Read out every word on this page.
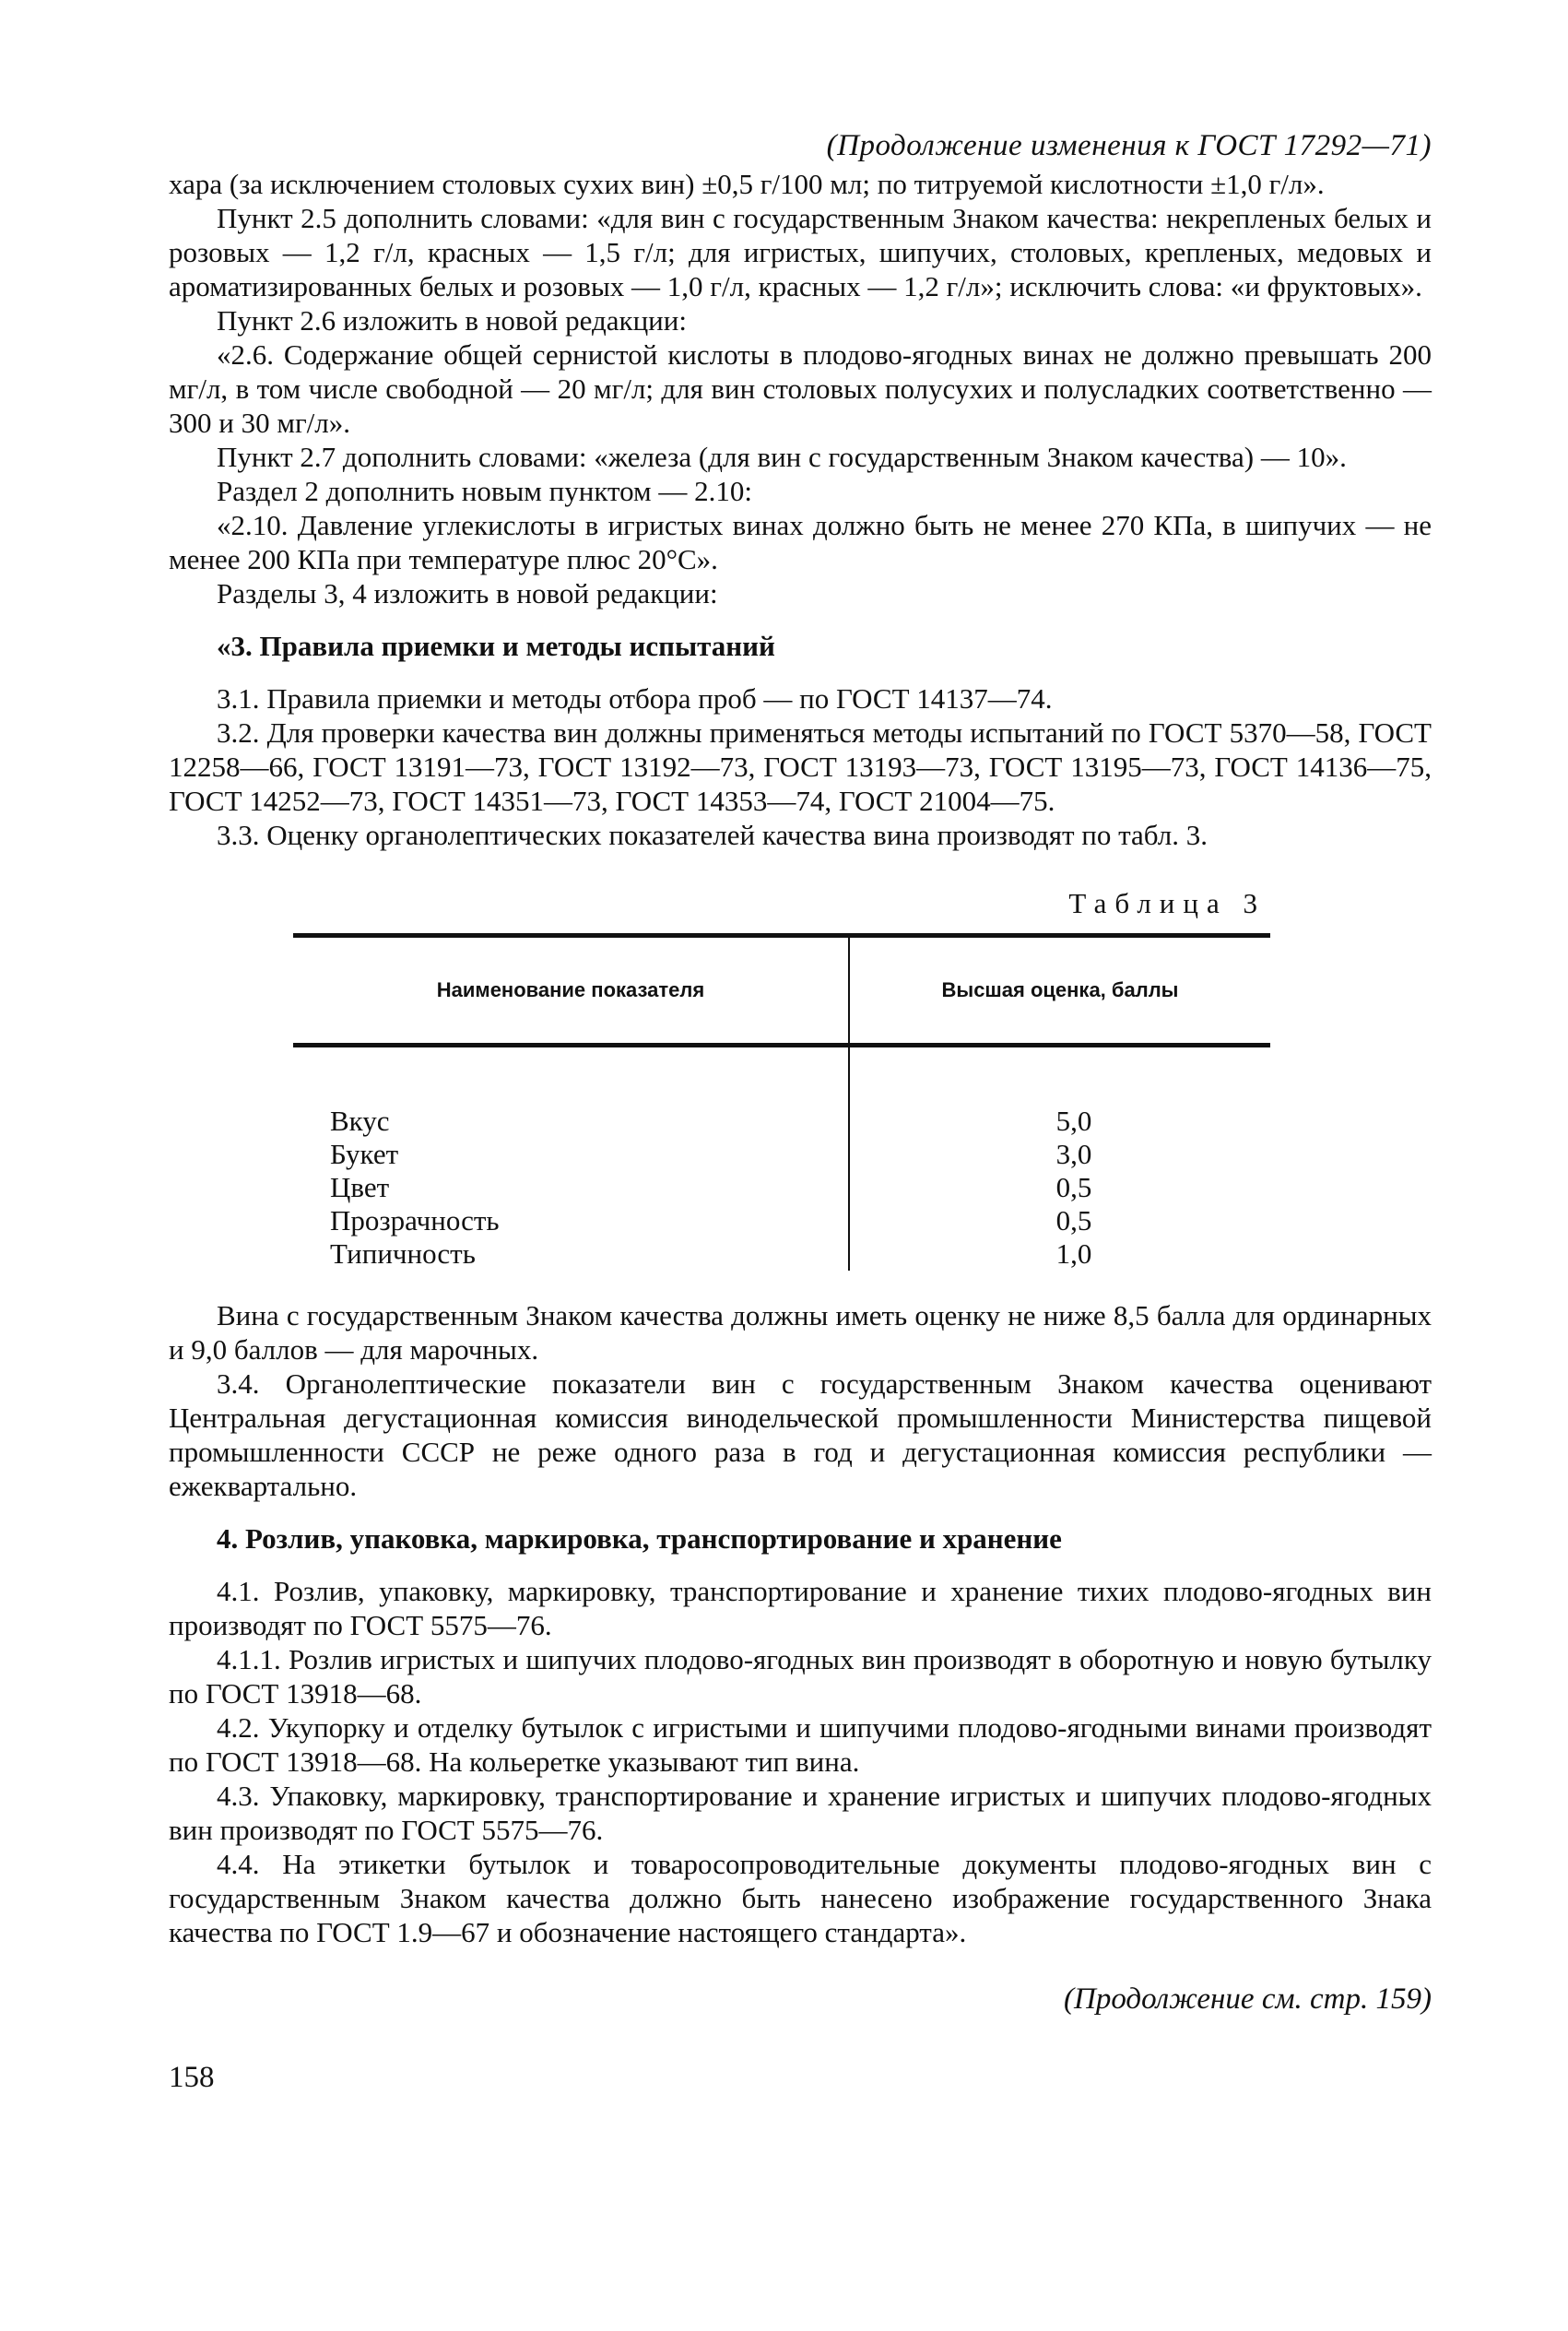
(Продолжение изменения к ГОСТ 17292—71)

хара (за исключением столовых сухих вин) ±0,5 г/100 мл; по титруемой кислотности ±1,0 г/л».

Пункт 2.5 дополнить словами: «для вин с государственным Знаком качества: некрепленых белых и розовых — 1,2 г/л, красных — 1,5 г/л; для игристых, шипучих, столовых, крепленых, медовых и ароматизированных белых и розовых — 1,0 г/л, красных — 1,2 г/л»; исключить слова: «и фруктовых».

Пункт 2.6 изложить в новой редакции:

«2.6. Содержание общей сернистой кислоты в плодово-ягодных винах не должно превышать 200 мг/л, в том числе свободной — 20 мг/л; для вин столовых полусухих и полусладких соответственно — 300 и 30 мг/л».

Пункт 2.7 дополнить словами: «железа (для вин с государственным Знаком качества) — 10».

Раздел 2 дополнить новым пунктом — 2.10:

«2.10. Давление углекислоты в игристых винах должно быть не менее 270 КПа, в шипучих — не менее 200 КПа при температуре плюс 20°С».

Разделы 3, 4 изложить в новой редакции:

«3. Правила приемки и методы испытаний

3.1. Правила приемки и методы отбора проб — по ГОСТ 14137—74.

3.2. Для проверки качества вин должны применяться методы испытаний по ГОСТ 5370—58, ГОСТ 12258—66, ГОСТ 13191—73, ГОСТ 13192—73, ГОСТ 13193—73, ГОСТ 13195—73, ГОСТ 14136—75, ГОСТ 14252—73, ГОСТ 14351—73, ГОСТ 14353—74, ГОСТ 21004—75.

3.3. Оценку органолептических показателей качества вина производят по табл. 3.

Таблица 3
Наименование показателя	Высшая оценка, баллы
Вкус	5,0
Букет	3,0
Цвет	0,5
Прозрачность	0,5
Типичность	1,0

Вина с государственным Знаком качества должны иметь оценку не ниже 8,5 балла для ординарных и 9,0 баллов — для марочных.

3.4. Органолептические показатели вин с государственным Знаком качества оценивают Центральная дегустационная комиссия винодельческой промышленности Министерства пищевой промышленности СССР не реже одного раза в год и дегустационная комиссия республики — ежеквартально.

4. Розлив, упаковка, маркировка, транспортирование и хранение

4.1. Розлив, упаковку, маркировку, транспортирование и хранение тихих плодово-ягодных вин производят по ГОСТ 5575—76.

4.1.1. Розлив игристых и шипучих плодово-ягодных вин производят в оборотную и новую бутылку по ГОСТ 13918—68.

4.2. Укупорку и отделку бутылок с игристыми и шипучими плодово-ягодными винами производят по ГОСТ 13918—68. На кольеретке указывают тип вина.

4.3. Упаковку, маркировку, транспортирование и хранение игристых и шипучих плодово-ягодных вин производят по ГОСТ 5575—76.

4.4. На этикетки бутылок и товаросопроводительные документы плодово-ягодных вин с государственным Знаком качества должно быть нанесено изображение государственного Знака качества по ГОСТ 1.9—67 и обозначение настоящего стандарта».

(Продолжение см. стр. 159)
158
